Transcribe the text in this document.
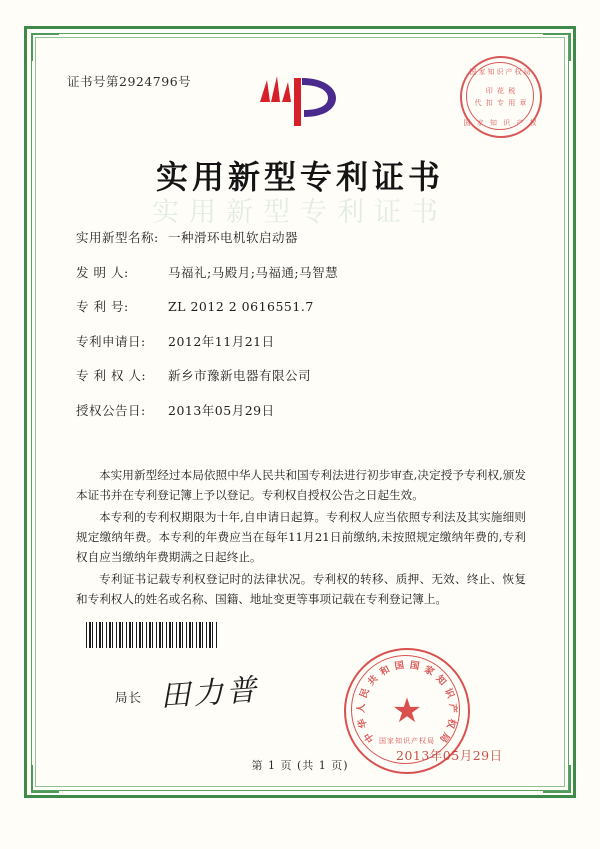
实用新型专利证书
证书号第2924796号
国家知识产权局
印 花 税
代 扣 专 用 章
国 家 知 识 产 权
实用新型专利证书
实用新型名称: 一种滑环电机软启动器
发 明 人:	马福礼;马殿月;马福通;马智慧
专 利 号:	ZL 2012 2 0616551.7
专利申请日:	2012年11月21日
专 利 权 人:	新乡市豫新电器有限公司
授权公告日:	2013年05月29日

本实用新型经过本局依照中华人民共和国专利法进行初步审查,决定授予专利权,颁发本证书并在专利登记簿上予以登记。专利权自授权公告之日起生效。

本专利的专利权期限为十年,自申请日起算。专利权人应当依照专利法及其实施细则规定缴纳年费。本专利的年费应当在每年11月21日前缴纳,未按照规定缴纳年费的,专利权自应当缴纳年费期满之日起终止。

专利证书记载专利权登记时的法律状况。专利权的转移、质押、无效、终止、恢复和专利权人的姓名或名称、国籍、地址变更等事项记载在专利登记簿上。

局长 田力普	★
国家知识产权局
中
华
人
民
共
和 国 国 家
知
识
产
权
局
2013年05月29日
第 1 页 (共 1 页)
